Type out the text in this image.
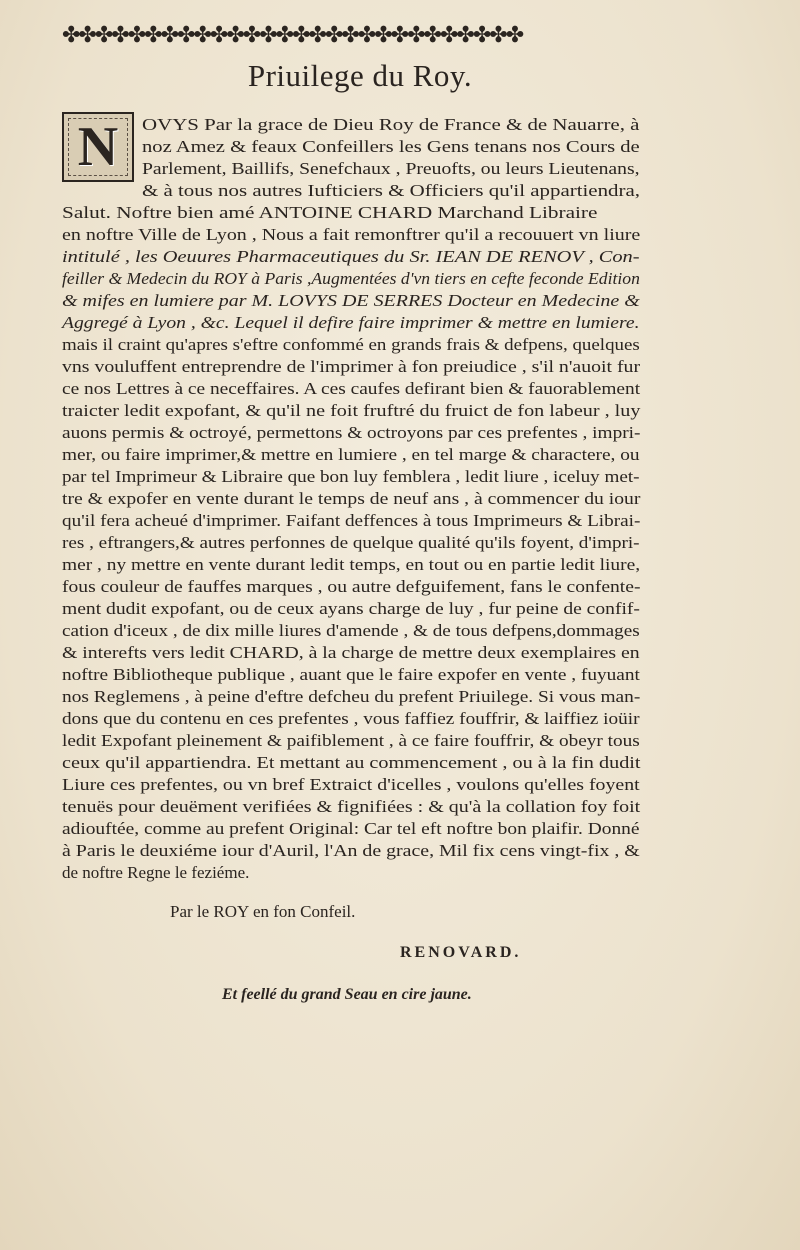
✤✤✤✤✤✤✤✤✤✤✤✤✤✤✤✤✤✤✤✤✤✤✤✤✤✤✤✤
Priuilege du Roy.
N OVYS Par la grace de Dieu Roy de France & de Nauarre, à
noz Amez & feaux Confeillers les Gens tenans nos Cours de
Parlement, Baillifs, Senefchaux , Preuofts, ou leurs Lieutenans,
& à tous nos autres Iufticiers & Officiers qu'il appartiendra,
Salut. Noftre bien amé ANTOINE CHARD Marchand Libraire
en noftre Ville de Lyon , Nous a fait remonftrer qu'il a recouuert vn liure
intitulé , les Oeuures Pharmaceutiques du Sr. IEAN DE RENOV , Con-
feiller & Medecin du ROY à Paris ,Augmentées d'vn tiers en cefte feconde Edition
& mifes en lumiere par M. LOVYS DE SERRES Docteur en Medecine &
Aggregé à Lyon , &c. Lequel il defire faire imprimer & mettre en lumiere.
mais il craint qu'apres s'eftre confommé en grands frais & defpens, quelques
vns vouluffent entreprendre de l'imprimer à fon preiudice , s'il n'auoit fur
ce nos Lettres à ce neceffaires. A ces caufes defirant bien & fauorablement
traicter ledit expofant, & qu'il ne foit fruftré du fruict de fon labeur , luy
auons permis & octroyé, permettons & octroyons par ces prefentes , impri-
mer, ou faire imprimer,& mettre en lumiere , en tel marge & charactere, ou
par tel Imprimeur & Libraire que bon luy femblera , ledit liure , iceluy met-
tre & expofer en vente durant le temps de neuf ans , à commencer du iour
qu'il fera acheué d'imprimer. Faifant deffences à tous Imprimeurs & Librai-
res , eftrangers,& autres perfonnes de quelque qualité qu'ils foyent, d'impri-
mer , ny mettre en vente durant ledit temps, en tout ou en partie ledit liure,
fous couleur de fauffes marques , ou autre defguifement, fans le confente-
ment dudit expofant, ou de ceux ayans charge de luy , fur peine de confif-
cation d'iceux , de dix mille liures d'amende , & de tous defpens,dommages
& interefts vers ledit CHARD, à la charge de mettre deux exemplaires en
noftre Bibliotheque publique , auant que le faire expofer en vente , fuyuant
nos Reglemens , à peine d'eftre defcheu du prefent Priuilege. Si vous man-
dons que du contenu en ces prefentes , vous faffiez fouffrir, & laiffiez ioüir
ledit Expofant pleinement & paifiblement , à ce faire fouffrir, & obeyr tous
ceux qu'il appartiendra. Et mettant au commencement , ou à la fin dudit
Liure ces prefentes, ou vn bref Extraict d'icelles , voulons qu'elles foyent
tenuës pour deuëment verifiées & fignifiées : & qu'à la collation foy foit
adiouftée, comme au prefent Original: Car tel eft noftre bon plaifir. Donné
à Paris le deuxiéme iour d'Auril, l'An de grace, Mil fix cens vingt-fix , &
de noftre Regne le feziéme.
Par le ROY en fon Confeil.
RENOVARD.
Et feellé du grand Seau en cire jaune.
